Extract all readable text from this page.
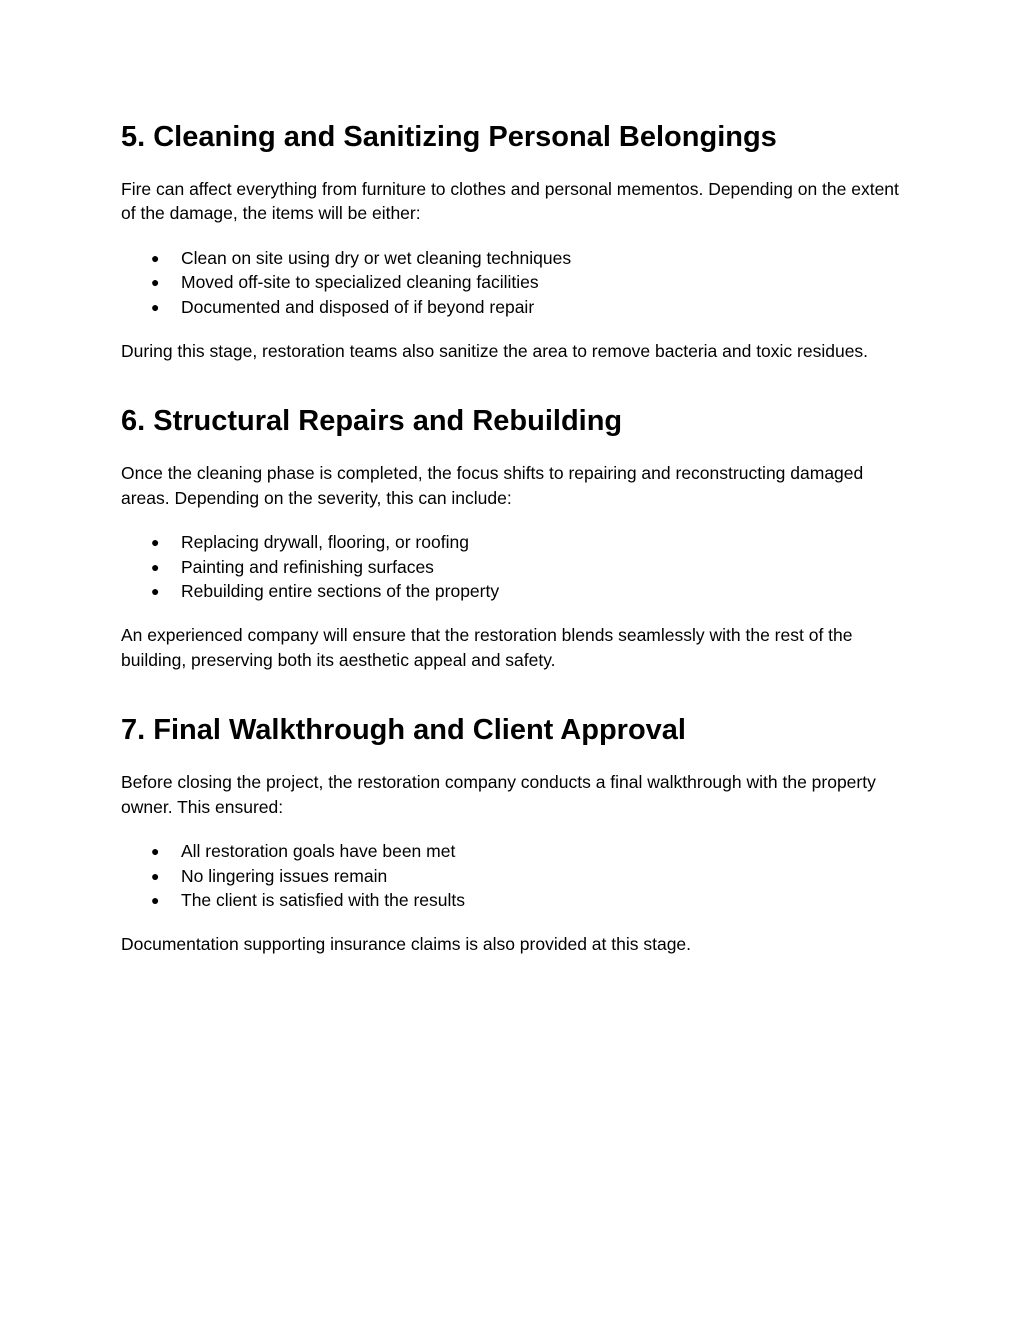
5. Cleaning and Sanitizing Personal Belongings

Fire can affect everything from furniture to clothes and personal mementos. Depending on the extent of the damage, the items will be either:

● Clean on site using dry or wet cleaning techniques
● Moved off-site to specialized cleaning facilities
● Documented and disposed of if beyond repair

During this stage, restoration teams also sanitize the area to remove bacteria and toxic residues.

6. Structural Repairs and Rebuilding

Once the cleaning phase is completed, the focus shifts to repairing and reconstructing damaged areas. Depending on the severity, this can include:

● Replacing drywall, flooring, or roofing
● Painting and refinishing surfaces
● Rebuilding entire sections of the property

An experienced company will ensure that the restoration blends seamlessly with the rest of the building, preserving both its aesthetic appeal and safety.

7. Final Walkthrough and Client Approval

Before closing the project, the restoration company conducts a final walkthrough with the property owner. This ensured:

● All restoration goals have been met
● No lingering issues remain
● The client is satisfied with the results

Documentation supporting insurance claims is also provided at this stage.
